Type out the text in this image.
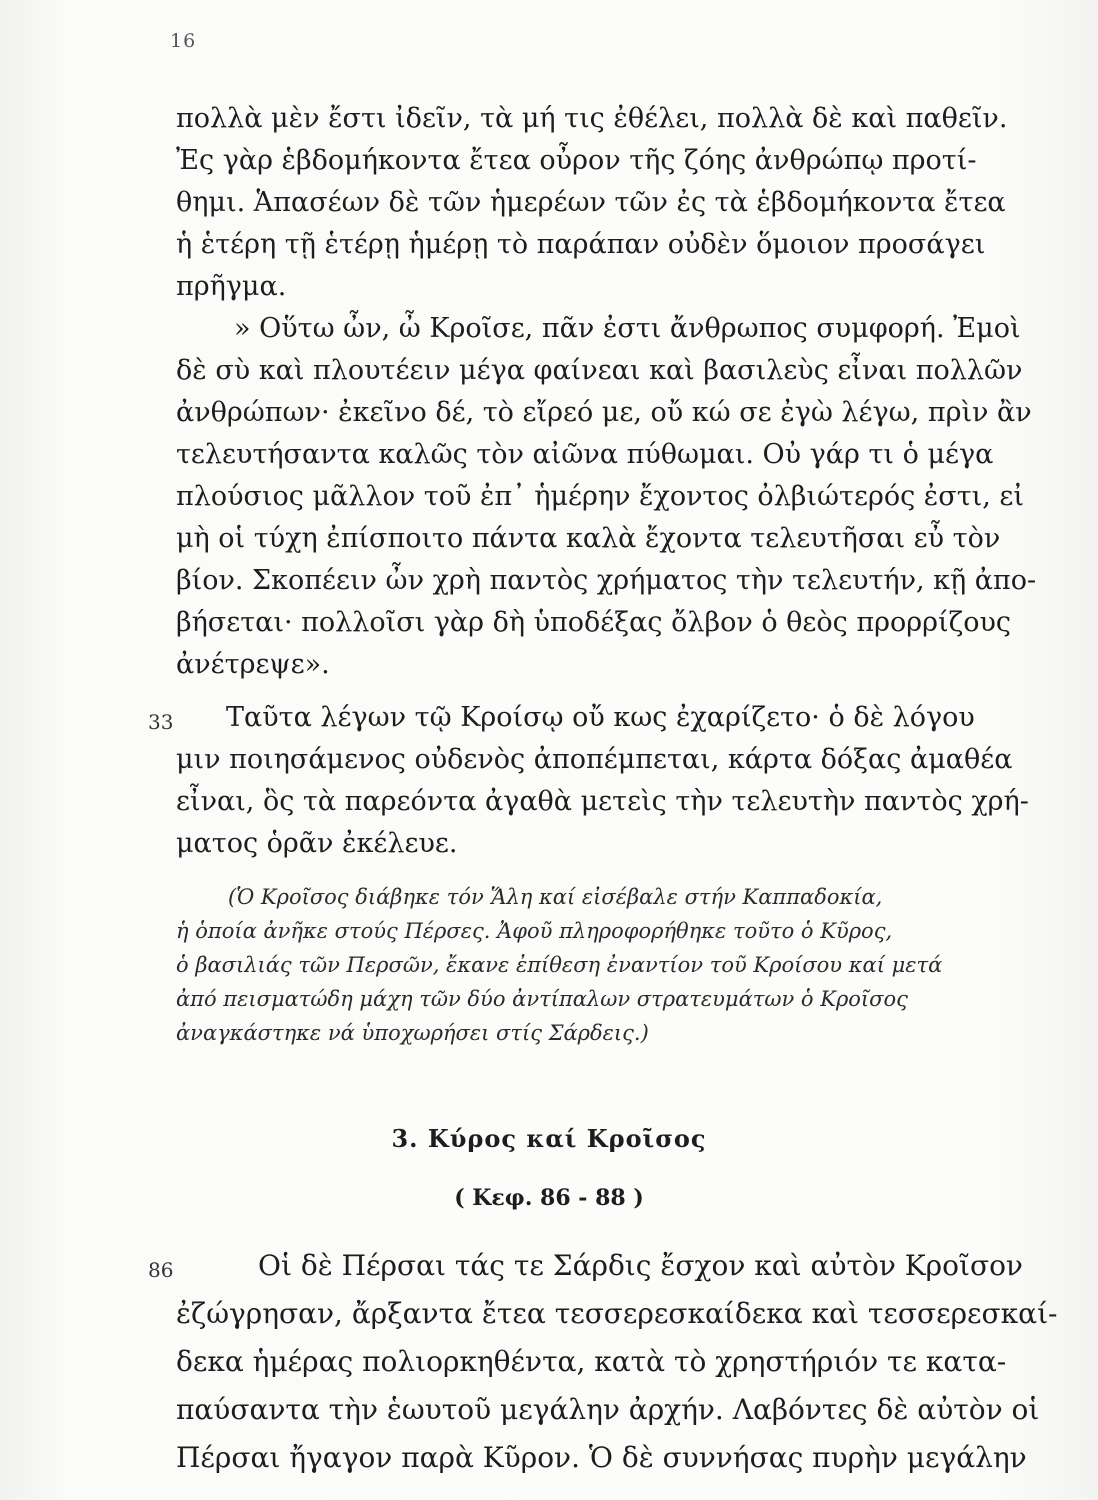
16
πολλὰ μὲν ἔστι ἰδεῖν, τὰ μή τις ἐθέλει, πολλὰ δὲ καὶ παθεῖν.
Ἐς γὰρ ἑβδομήκοντα ἔτεα οὖρον τῆς ζόης ἀνθρώπῳ προτί-
θημι. Ἁπασέων δὲ τῶν ἡμερέων τῶν ἐς τὰ ἑβδομήκοντα ἔτεα
ἡ ἑτέρη τῇ ἑτέρῃ ἡμέρῃ τὸ παράπαν οὐδὲν ὅμοιον προσάγει
πρῆγμα.
» Οὕτω ὦν, ὦ Κροῖσε, πᾶν ἐστι ἄνθρωπος συμφορή. Ἐμοὶ
δὲ σὺ καὶ πλουτέειν μέγα φαίνεαι καὶ βασιλεὺς εἶναι πολλῶν
ἀνθρώπων· ἐκεῖνο δέ, τὸ εἴρεό με, οὔ κώ σε ἐγὼ λέγω, πρὶν ἂν
τελευτήσαντα καλῶς τὸν αἰῶνα πύθωμαι. Οὐ γάρ τι ὁ μέγα
πλούσιος μᾶλλον τοῦ ἐπ᾽ ἡμέρην ἔχοντος ὀλβιώτερός ἐστι, εἰ
μὴ οἱ τύχη ἐπίσποιτο πάντα καλὰ ἔχοντα τελευτῆσαι εὖ τὸν
βίον. Σκοπέειν ὦν χρὴ παντὸς χρήματος τὴν τελευτήν, κῇ ἀπο-
βήσεται· πολλοῖσι γὰρ δὴ ὑποδέξας ὄλβον ὁ θεὸς προρρίζους
ἀνέτρεψε».
33	Ταῦτα λέγων τῷ Κροίσῳ οὔ κως ἐχαρίζετο· ὁ δὲ λόγου
μιν ποιησάμενος οὐδενὸς ἀποπέμπεται, κάρτα δόξας ἀμαθέα
εἶναι, ὃς τὰ παρεόντα ἀγαθὰ μετεὶς τὴν τελευτὴν παντὸς χρή-
ματος ὁρᾶν ἐκέλευε.
(Ὁ Κροῖσος διάβηκε τόν Ἅλη καί εἰσέβαλε στήν Καππαδοκία,
ἡ ὁποία ἀνῆκε στούς Πέρσες. Ἀφοῦ πληροφορήθηκε τοῦτο ὁ Κῦρος,
ὁ βασιλιάς τῶν Περσῶν, ἔκανε ἐπίθεση ἐναντίον τοῦ Κροίσου καί μετά
ἀπό πεισματώδη μάχη τῶν δύο ἀντίπαλων στρατευμάτων ὁ Κροῖσος
ἀναγκάστηκε νά ὑποχωρήσει στίς Σάρδεις.)
3. Κύρος καί Κροῖσος
( Κεφ. 86 - 88 )
86	Οἱ δὲ Πέρσαι τάς τε Σάρδις ἔσχον καὶ αὐτὸν Κροῖσον
ἐζώγρησαν, ἄρξαντα ἔτεα τεσσερεσκαίδεκα καὶ τεσσερεσκαί-
δεκα ἡμέρας πολιορκηθέντα, κατὰ τὸ χρηστήριόν τε κατα-
παύσαντα τὴν ἑωυτοῦ μεγάλην ἀρχήν. Λαβόντες δὲ αὐτὸν οἱ
Πέρσαι ἤγαγον παρὰ Κῦρον. Ὁ δὲ συννήσας πυρὴν μεγάλην
